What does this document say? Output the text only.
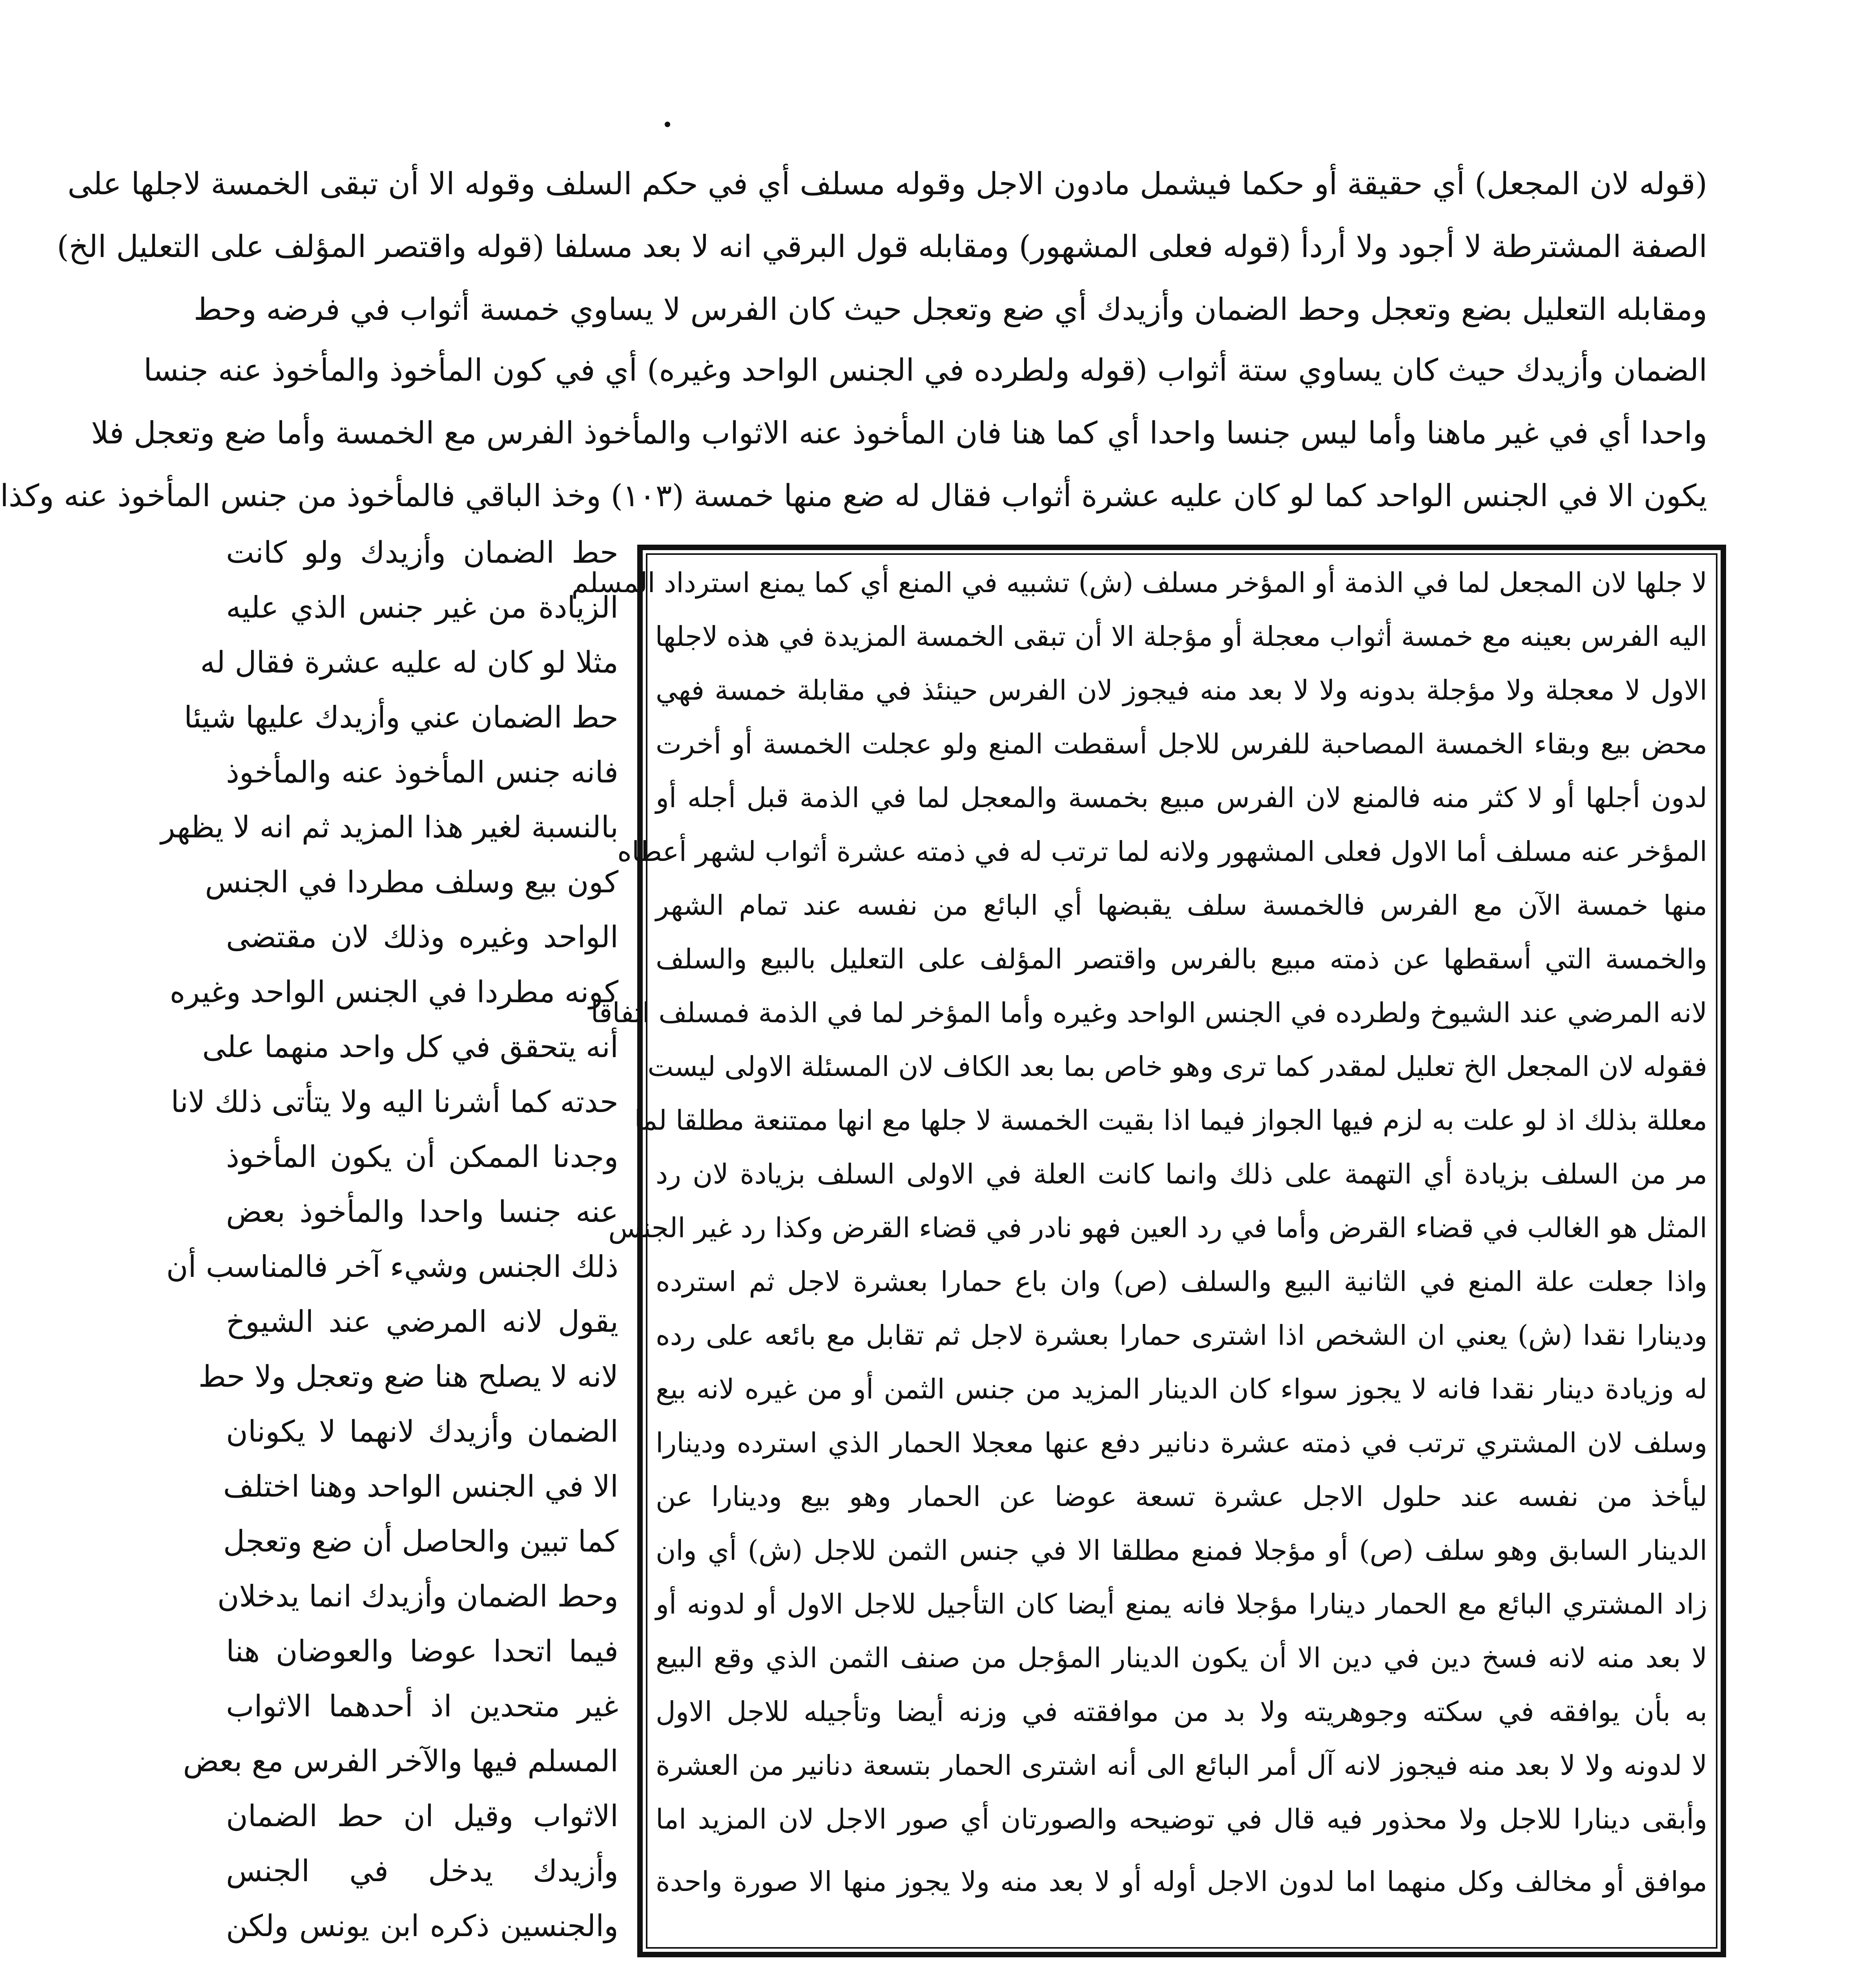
(قوله لان المجعل) أي حقيقة أو حكما فيشمل مادون الاجل وقوله مسلف أي في حكم السلف وقوله الا أن تبقى الخمسة لاجلها على
الصفة المشترطة لا أجود ولا أردأ (قوله فعلى المشهور) ومقابله قول البرقي انه لا بعد مسلفا (قوله واقتصر المؤلف على التعليل الخ)
ومقابله التعليل بضع وتعجل وحط الضمان وأزيدك أي ضع وتعجل حيث كان الفرس لا يساوي خمسة أثواب في فرضه وحط
الضمان وأزيدك حيث كان يساوي ستة أثواب (قوله ولطرده في الجنس الواحد وغيره) أي في كون المأخوذ والمأخوذ عنه جنسا
واحدا أي في غير ماهنا وأما ليس جنسا واحدا أي كما هنا فان المأخوذ عنه الاثواب والمأخوذ الفرس مع الخمسة وأما ضع وتعجل فلا
يكون الا في الجنس الواحد كما لو كان عليه عشرة أثواب فقال له ضع منها خمسة (١٠٣) وخذ الباقي فالمأخوذ من جنس المأخوذ عنه وكذا
لا جلها لان المجعل لما في الذمة أو المؤخر مسلف (ش) تشبيه في المنع أي كما يمنع استرداد المسلم
اليه الفرس بعينه مع خمسة أثواب معجلة أو مؤجلة الا أن تبقى الخمسة المزيدة في هذه لاجلها
الاول لا معجلة ولا مؤجلة بدونه ولا لا بعد منه فيجوز لان الفرس حينئذ في مقابلة خمسة فهي
محض بيع وبقاء الخمسة المصاحبة للفرس للاجل أسقطت المنع ولو عجلت الخمسة أو أخرت
لدون أجلها أو لا كثر منه فالمنع لان الفرس مبيع بخمسة والمعجل لما في الذمة قبل أجله أو
المؤخر عنه مسلف أما الاول فعلى المشهور ولانه لما ترتب له في ذمته عشرة أثواب لشهر أعطاه
منها خمسة الآن مع الفرس فالخمسة سلف يقبضها أي البائع من نفسه عند تمام الشهر
والخمسة التي أسقطها عن ذمته مبيع بالفرس واقتصر المؤلف على التعليل بالبيع والسلف
لانه المرضي عند الشيوخ ولطرده في الجنس الواحد وغيره وأما المؤخر لما في الذمة فمسلف اتفاقا
فقوله لان المجعل الخ تعليل لمقدر كما ترى وهو خاص بما بعد الكاف لان المسئلة الاولى ليست
معللة بذلك اذ لو علت به لزم فيها الجواز فيما اذا بقيت الخمسة لا جلها مع انها ممتنعة مطلقا لما
مر من السلف بزيادة أي التهمة على ذلك وانما كانت العلة في الاولى السلف بزيادة لان رد
المثل هو الغالب في قضاء القرض وأما في رد العين فهو نادر في قضاء القرض وكذا رد غير الجنس
واذا جعلت علة المنع في الثانية البيع والسلف (ص) وان باع حمارا بعشرة لاجل ثم استرده
ودينارا نقدا (ش) يعني ان الشخص اذا اشترى حمارا بعشرة لاجل ثم تقابل مع بائعه على رده
له وزيادة دينار نقدا فانه لا يجوز سواء كان الدينار المزيد من جنس الثمن أو من غيره لانه بيع
وسلف لان المشتري ترتب في ذمته عشرة دنانير دفع عنها معجلا الحمار الذي استرده ودينارا
ليأخذ من نفسه عند حلول الاجل عشرة تسعة عوضا عن الحمار وهو بيع ودينارا عن
الدينار السابق وهو سلف (ص) أو مؤجلا فمنع مطلقا الا في جنس الثمن للاجل (ش) أي وان
زاد المشتري البائع مع الحمار دينارا مؤجلا فانه يمنع أيضا كان التأجيل للاجل الاول أو لدونه أو
لا بعد منه لانه فسخ دين في دين الا أن يكون الدينار المؤجل من صنف الثمن الذي وقع البيع
به بأن يوافقه في سكته وجوهريته ولا بد من موافقته في وزنه أيضا وتأجيله للاجل الاول
لا لدونه ولا لا بعد منه فيجوز لانه آل أمر البائع الى أنه اشترى الحمار بتسعة دنانير من العشرة
وأبقى دينارا للاجل ولا محذور فيه قال في توضيحه والصورتان أي صور الاجل لان المزيد اما
موافق أو مخالف وكل منهما اما لدون الاجل أوله أو لا بعد منه ولا يجوز منها الا صورة واحدة
حط الضمان وأزيدك ولو كانت
الزيادة من غير جنس الذي عليه
مثلا لو كان له عليه عشرة فقال له
حط الضمان عني وأزيدك عليها شيئا
فانه جنس المأخوذ عنه والمأخوذ
بالنسبة لغير هذا المزيد ثم انه لا يظهر
كون بيع وسلف مطردا في الجنس
الواحد وغيره وذلك لان مقتضى
كونه مطردا في الجنس الواحد وغيره
أنه يتحقق في كل واحد منهما على
حدته كما أشرنا اليه ولا يتأتى ذلك لانا
وجدنا الممكن أن يكون المأخوذ
عنه جنسا واحدا والمأخوذ بعض
ذلك الجنس وشيء آخر فالمناسب أن
يقول لانه المرضي عند الشيوخ
لانه لا يصلح هنا ضع وتعجل ولا حط
الضمان وأزيدك لانهما لا يكونان
الا في الجنس الواحد وهنا اختلف
كما تبين والحاصل أن ضع وتعجل
وحط الضمان وأزيدك انما يدخلان
فيما اتحدا عوضا والعوضان هنا
غير متحدين اذ أحدهما الاثواب
المسلم فيها والآخر الفرس مع بعض
الاثواب وقيل ان حط الضمان
وأزيدك يدخل في الجنس
والجنسين ذكره ابن يونس ولكن
